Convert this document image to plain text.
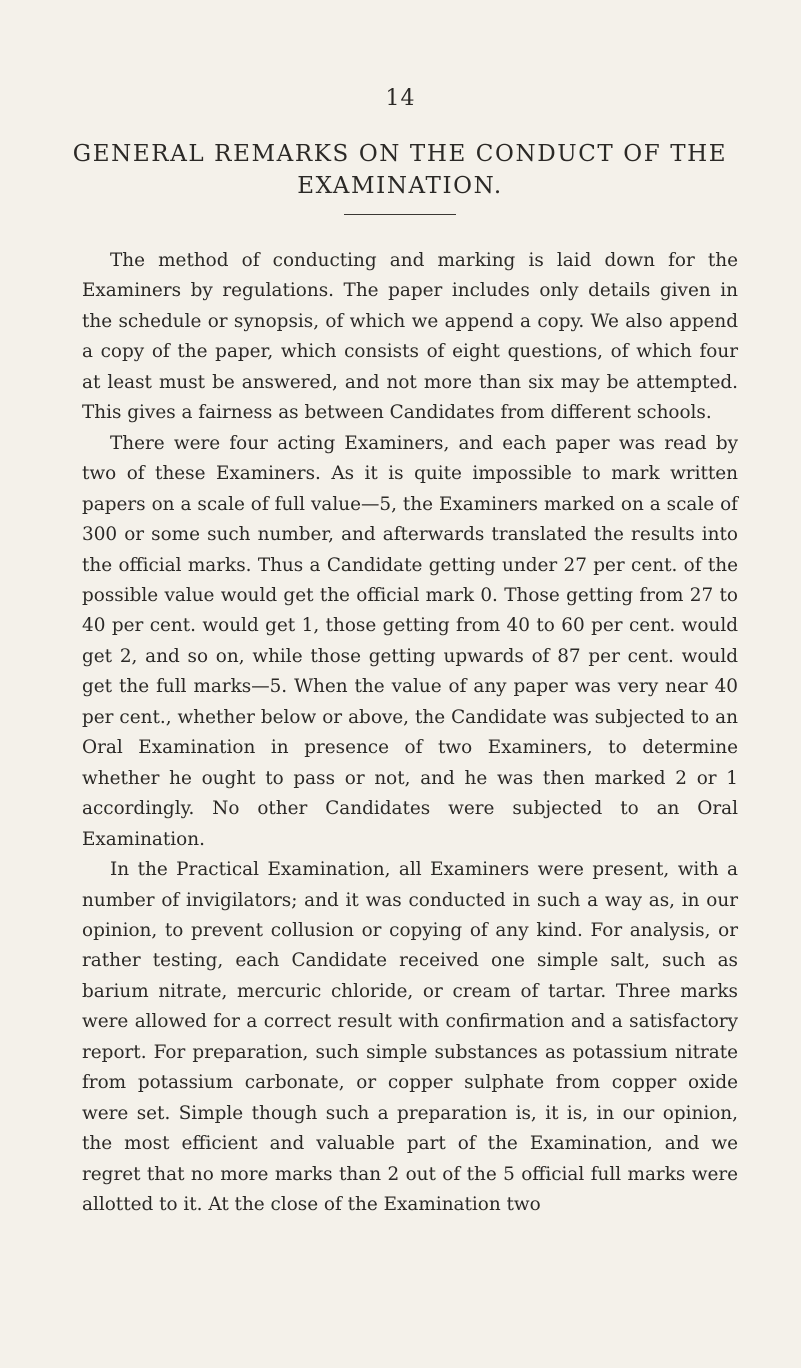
14
GENERAL REMARKS ON THE CONDUCT OF THE
EXAMINATION.

The method of conducting and marking is laid down for the Examiners by regulations. The paper includes only details given in the schedule or synopsis, of which we append a copy. We also append a copy of the paper, which consists of eight questions, of which four at least must be answered, and not more than six may be attempted. This gives a fairness as between Candidates from different schools.

There were four acting Examiners, and each paper was read by two of these Examiners. As it is quite impossible to mark written papers on a scale of full value—5, the Examiners marked on a scale of 300 or some such number, and afterwards translated the results into the official marks. Thus a Candidate getting under 27 per cent. of the possible value would get the official mark 0. Those getting from 27 to 40 per cent. would get 1, those getting from 40 to 60 per cent. would get 2, and so on, while those getting upwards of 87 per cent. would get the full marks—5. When the value of any paper was very near 40 per cent., whether below or above, the Candidate was subjected to an Oral Examination in presence of two Examiners, to determine whether he ought to pass or not, and he was then marked 2 or 1 accordingly. No other Candidates were subjected to an Oral Examination.

In the Practical Examination, all Examiners were present, with a number of invigilators; and it was conducted in such a way as, in our opinion, to prevent collusion or copying of any kind. For analysis, or rather testing, each Candidate received one simple salt, such as barium nitrate, mercuric chloride, or cream of tartar. Three marks were allowed for a correct result with confirmation and a satisfactory report. For preparation, such simple substances as potassium nitrate from potassium carbonate, or copper sulphate from copper oxide were set. Simple though such a preparation is, it is, in our opinion, the most efficient and valuable part of the Examination, and we regret that no more marks than 2 out of the 5 official full marks were allotted to it. At the close of the Examination two
